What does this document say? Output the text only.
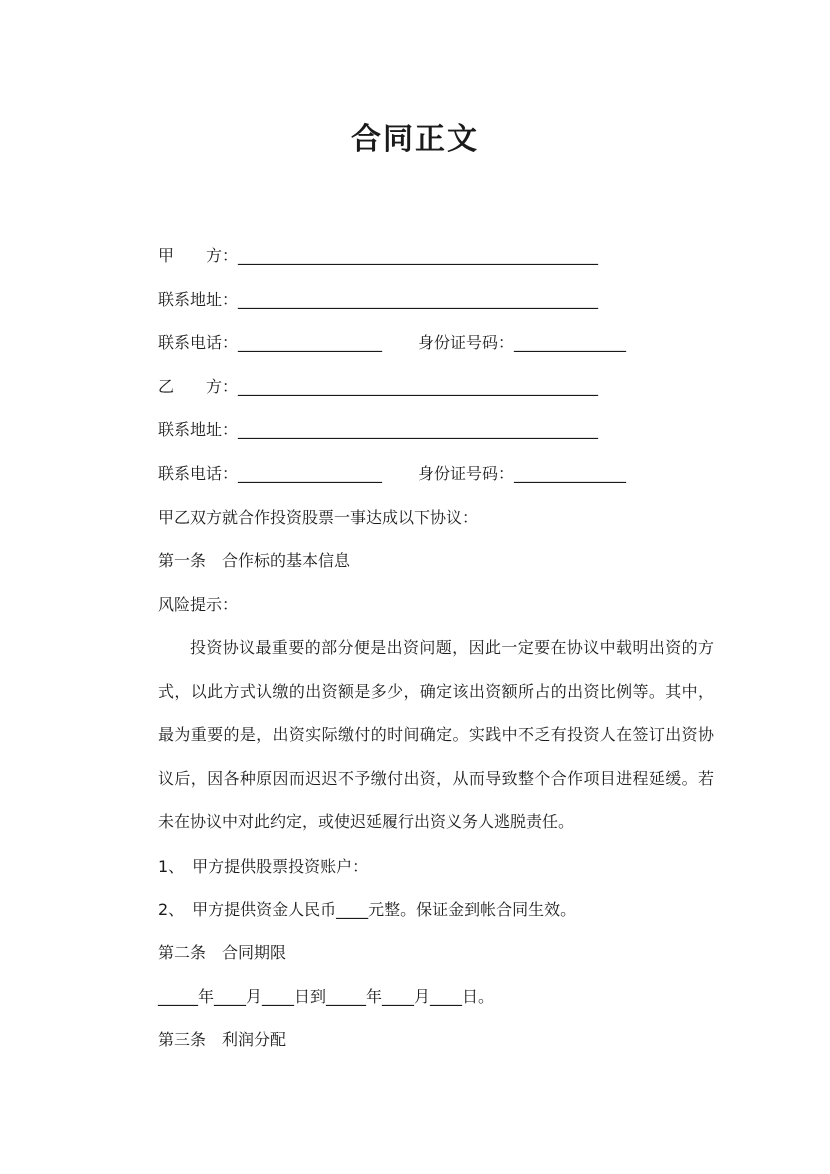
合同正文
甲　　方：_____________________________________________
联系地址：_____________________________________________
联系电话：__________________ 身份证号码：______________
乙　　方：_____________________________________________
联系地址：_____________________________________________
联系电话：__________________ 身份证号码：______________
甲乙双方就合作投资股票一事达成以下协议：
第一条　合作标的基本信息
风险提示：
投资协议最重要的部分便是出资问题，因此一定要在协议中载明出资的方式，以此方式认缴的出资额是多少，确定该出资额所占的出资比例等。其中，最为重要的是，出资实际缴付的时间确定。实践中不乏有投资人在签订出资协议后，因各种原因而迟迟不予缴付出资，从而导致整个合作项目进程延缓。若未在协议中对此约定，或使迟延履行出资义务人逃脱责任。
1、　甲方提供股票投资账户：
2、　甲方提供资金人民币____元整。保证金到帐合同生效。
第二条　合同期限
_____年____月____日到_____年____月____日。
第三条　利润分配
